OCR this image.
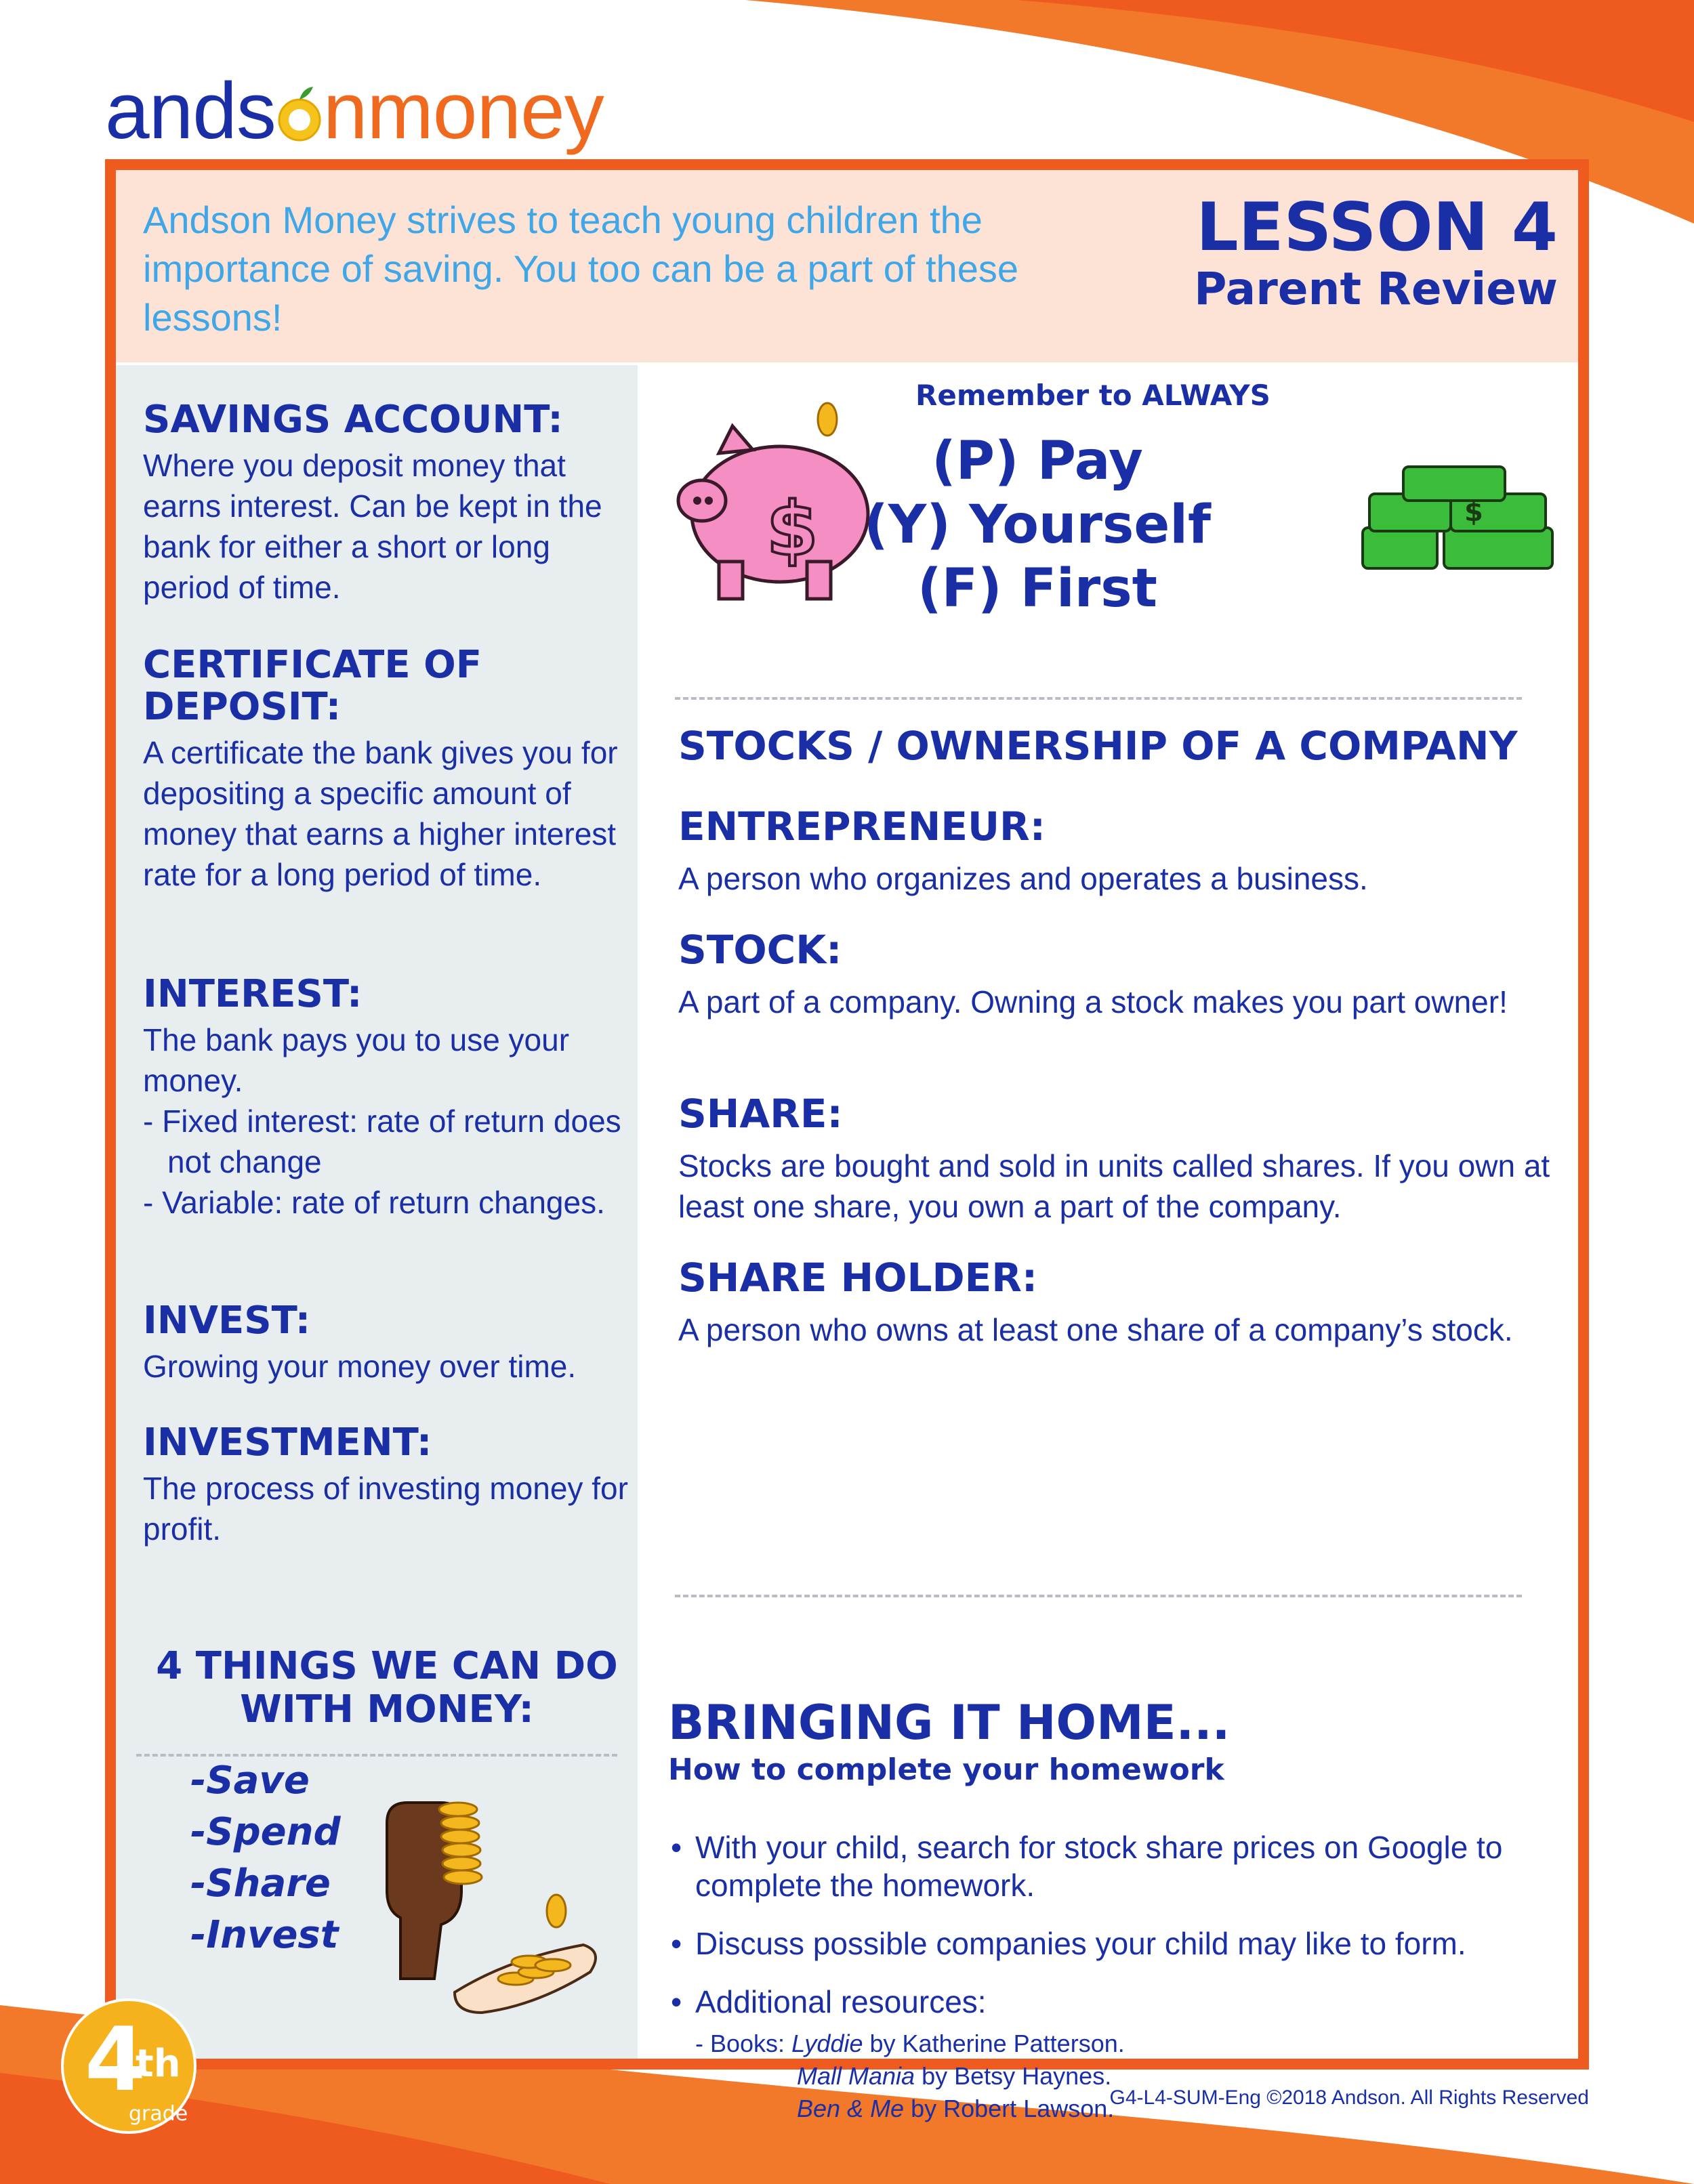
ands nmoney
Andson Money strives to teach young children the importance of saving. You too can be a part of these lessons!
LESSON 4
Parent Review
SAVINGS ACCOUNT:

Where you deposit money that earns interest. Can be kept in the bank for either a short or long period of time.

CERTIFICATE OF DEPOSIT:

A certificate the bank gives you for depositing a specific amount of money that earns a higher interest rate for a long period of time.

INTEREST:

The bank pays you to use your money.

- Fixed interest: rate of return does not change

- Variable: rate of return changes.

INVEST:

Growing your money over time.

INVESTMENT:

The process of investing money for profit.

4 THINGS WE CAN DO WITH MONEY:
-Save
-Spend
-Share
-Invest
$
Remember to ALWAYS
(P) Pay
(Y) Yourself
(F) First
$
STOCKS / OWNERSHIP OF A COMPANY
ENTREPRENEUR:

A person who organizes and operates a business.

STOCK:

A part of a company. Owning a stock makes you part owner!

SHARE:

Stocks are bought and sold in units called shares. If you own at least one share, you own a part of the company.

SHARE HOLDER:

A person who owns at least one share of a company’s stock.

BRINGING IT HOME...
How to complete your homework
• With your child, search for stock share prices on Google to complete the homework.
• Discuss possible companies your child may like to form.
• Additional resources:
- Books: Lyddie by Katherine Patterson.
Mall Mania by Betsy Haynes.
Ben & Me by Robert Lawson.
4
th
grade
G4-L4-SUM-Eng ©2018 Andson. All Rights Reserved
